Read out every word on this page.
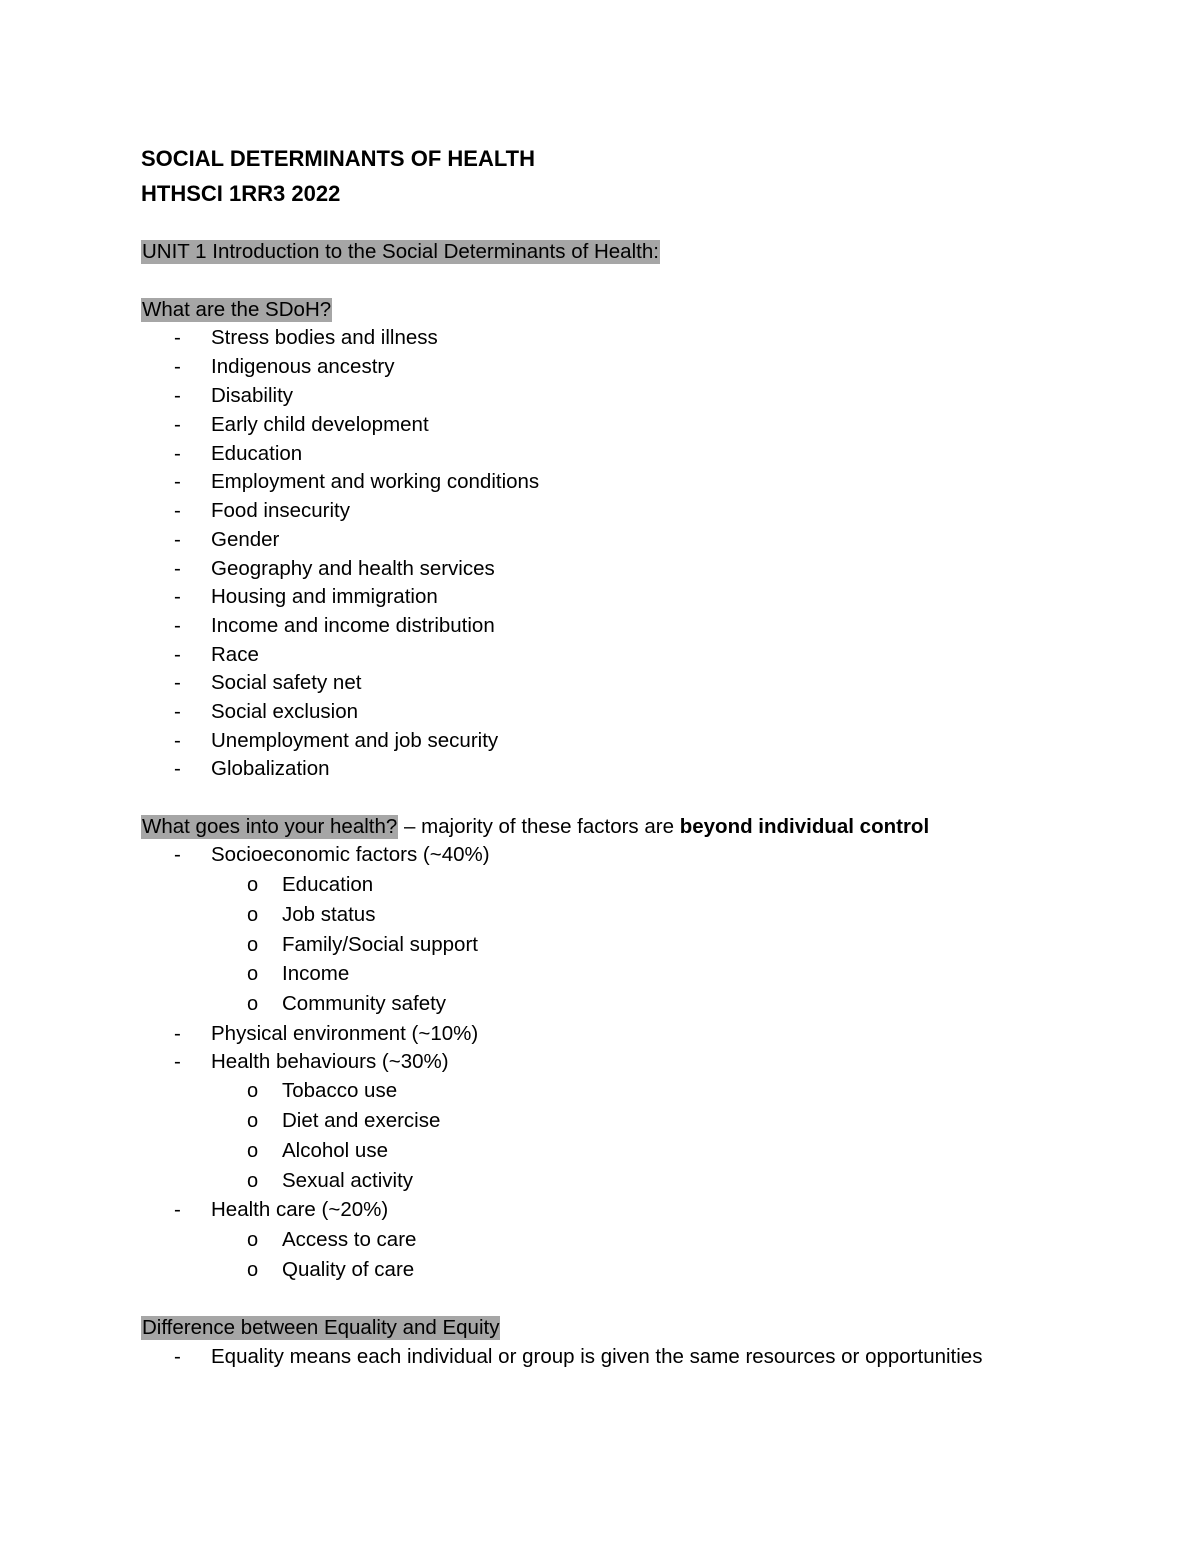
SOCIAL DETERMINANTS OF HEALTH
HTHSCI 1RR3 2022
UNIT 1 Introduction to the Social Determinants of Health:
What are the SDoH?
- Stress bodies and illness
- Indigenous ancestry
- Disability
- Early child development
- Education
- Employment and working conditions
- Food insecurity
- Gender
- Geography and health services
- Housing and immigration
- Income and income distribution
- Race
- Social safety net
- Social exclusion
- Unemployment and job security
- Globalization
What goes into your health? – majority of these factors are beyond individual control
- Socioeconomic factors (~40%)
o Education
o Job status
o Family/Social support
o Income
o Community safety
- Physical environment (~10%)
- Health behaviours (~30%)
o Tobacco use
o Diet and exercise
o Alcohol use
o Sexual activity
- Health care (~20%)
o Access to care
o Quality of care
Difference between Equality and Equity
- Equality means each individual or group is given the same resources or opportunities
